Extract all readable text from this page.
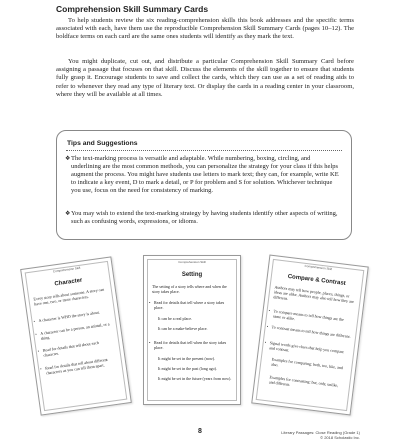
Comprehension Skill Summary Cards

To help students review the six reading-comprehension skills this book addresses and the specific terms associated with each, have them use the reproducible Comprehension Skill Summary Cards (pages 10–12). The boldface terms on each card are the same ones students will identify as they mark the text.

You might duplicate, cut out, and distribute a particular Comprehension Skill Summary Card before assigning a passage that focuses on that skill. Discuss the elements of the skill together to ensure that students fully grasp it. Encourage students to save and collect the cards, which they can use as a set of reading aids to refer to whenever they read any type of literary text. Or display the cards in a reading center in your classroom, where they will be available at all times.

Tips and Suggestions

❖ The text-marking process is versatile and adaptable. While numbering, boxing, circling, and underlining are the most common methods, you can personalize the strategy for your class if this helps augment the process. You might have students use letters to mark text; they can, for example, write KE to indicate a key event, D to mark a detail, or P for problem and S for solution. Whichever technique you use, focus on the need for consistency of marking.

❖ You may wish to extend the text-marking strategy by having students identify other aspects of writing, such as confusing words, expressions, or idioms.

Comprehension Skill
Character

Every story tells about someone. A story can have one, two, or more characters.

• A character is WHO the story is about.

• A character can be a person, an animal, or a thing.

• Read for details that tell about each character.

• Read for details that tell about different characters as you can tell them apart.

Comprehension Skill
Setting

The setting of a story tells where and when the story takes place.

• Read for details that tell where a story takes place.

It can be a real place.

It can be a make-believe place.

• Read for details that tell when the story takes place.

It might be set in the present (now).

It might be set in the past (long ago).

It might be set in the future (years from now).

Comprehension Skill
Compare & Contrast

Authors may tell how people, places, things, or ideas are alike. Authors may also tell how they are different.

• To compare means to tell how things are the same or alike.

• To contrast means to tell how things are different.

• Signal words give clues that help you compare and contrast.

Examples for comparing: both, too, like, and also.

Examples for contrasting: but, only, unlike, and different.

8	Literary Passages: Close Reading (Grade 1)
© 2018 Scholastic Inc.
